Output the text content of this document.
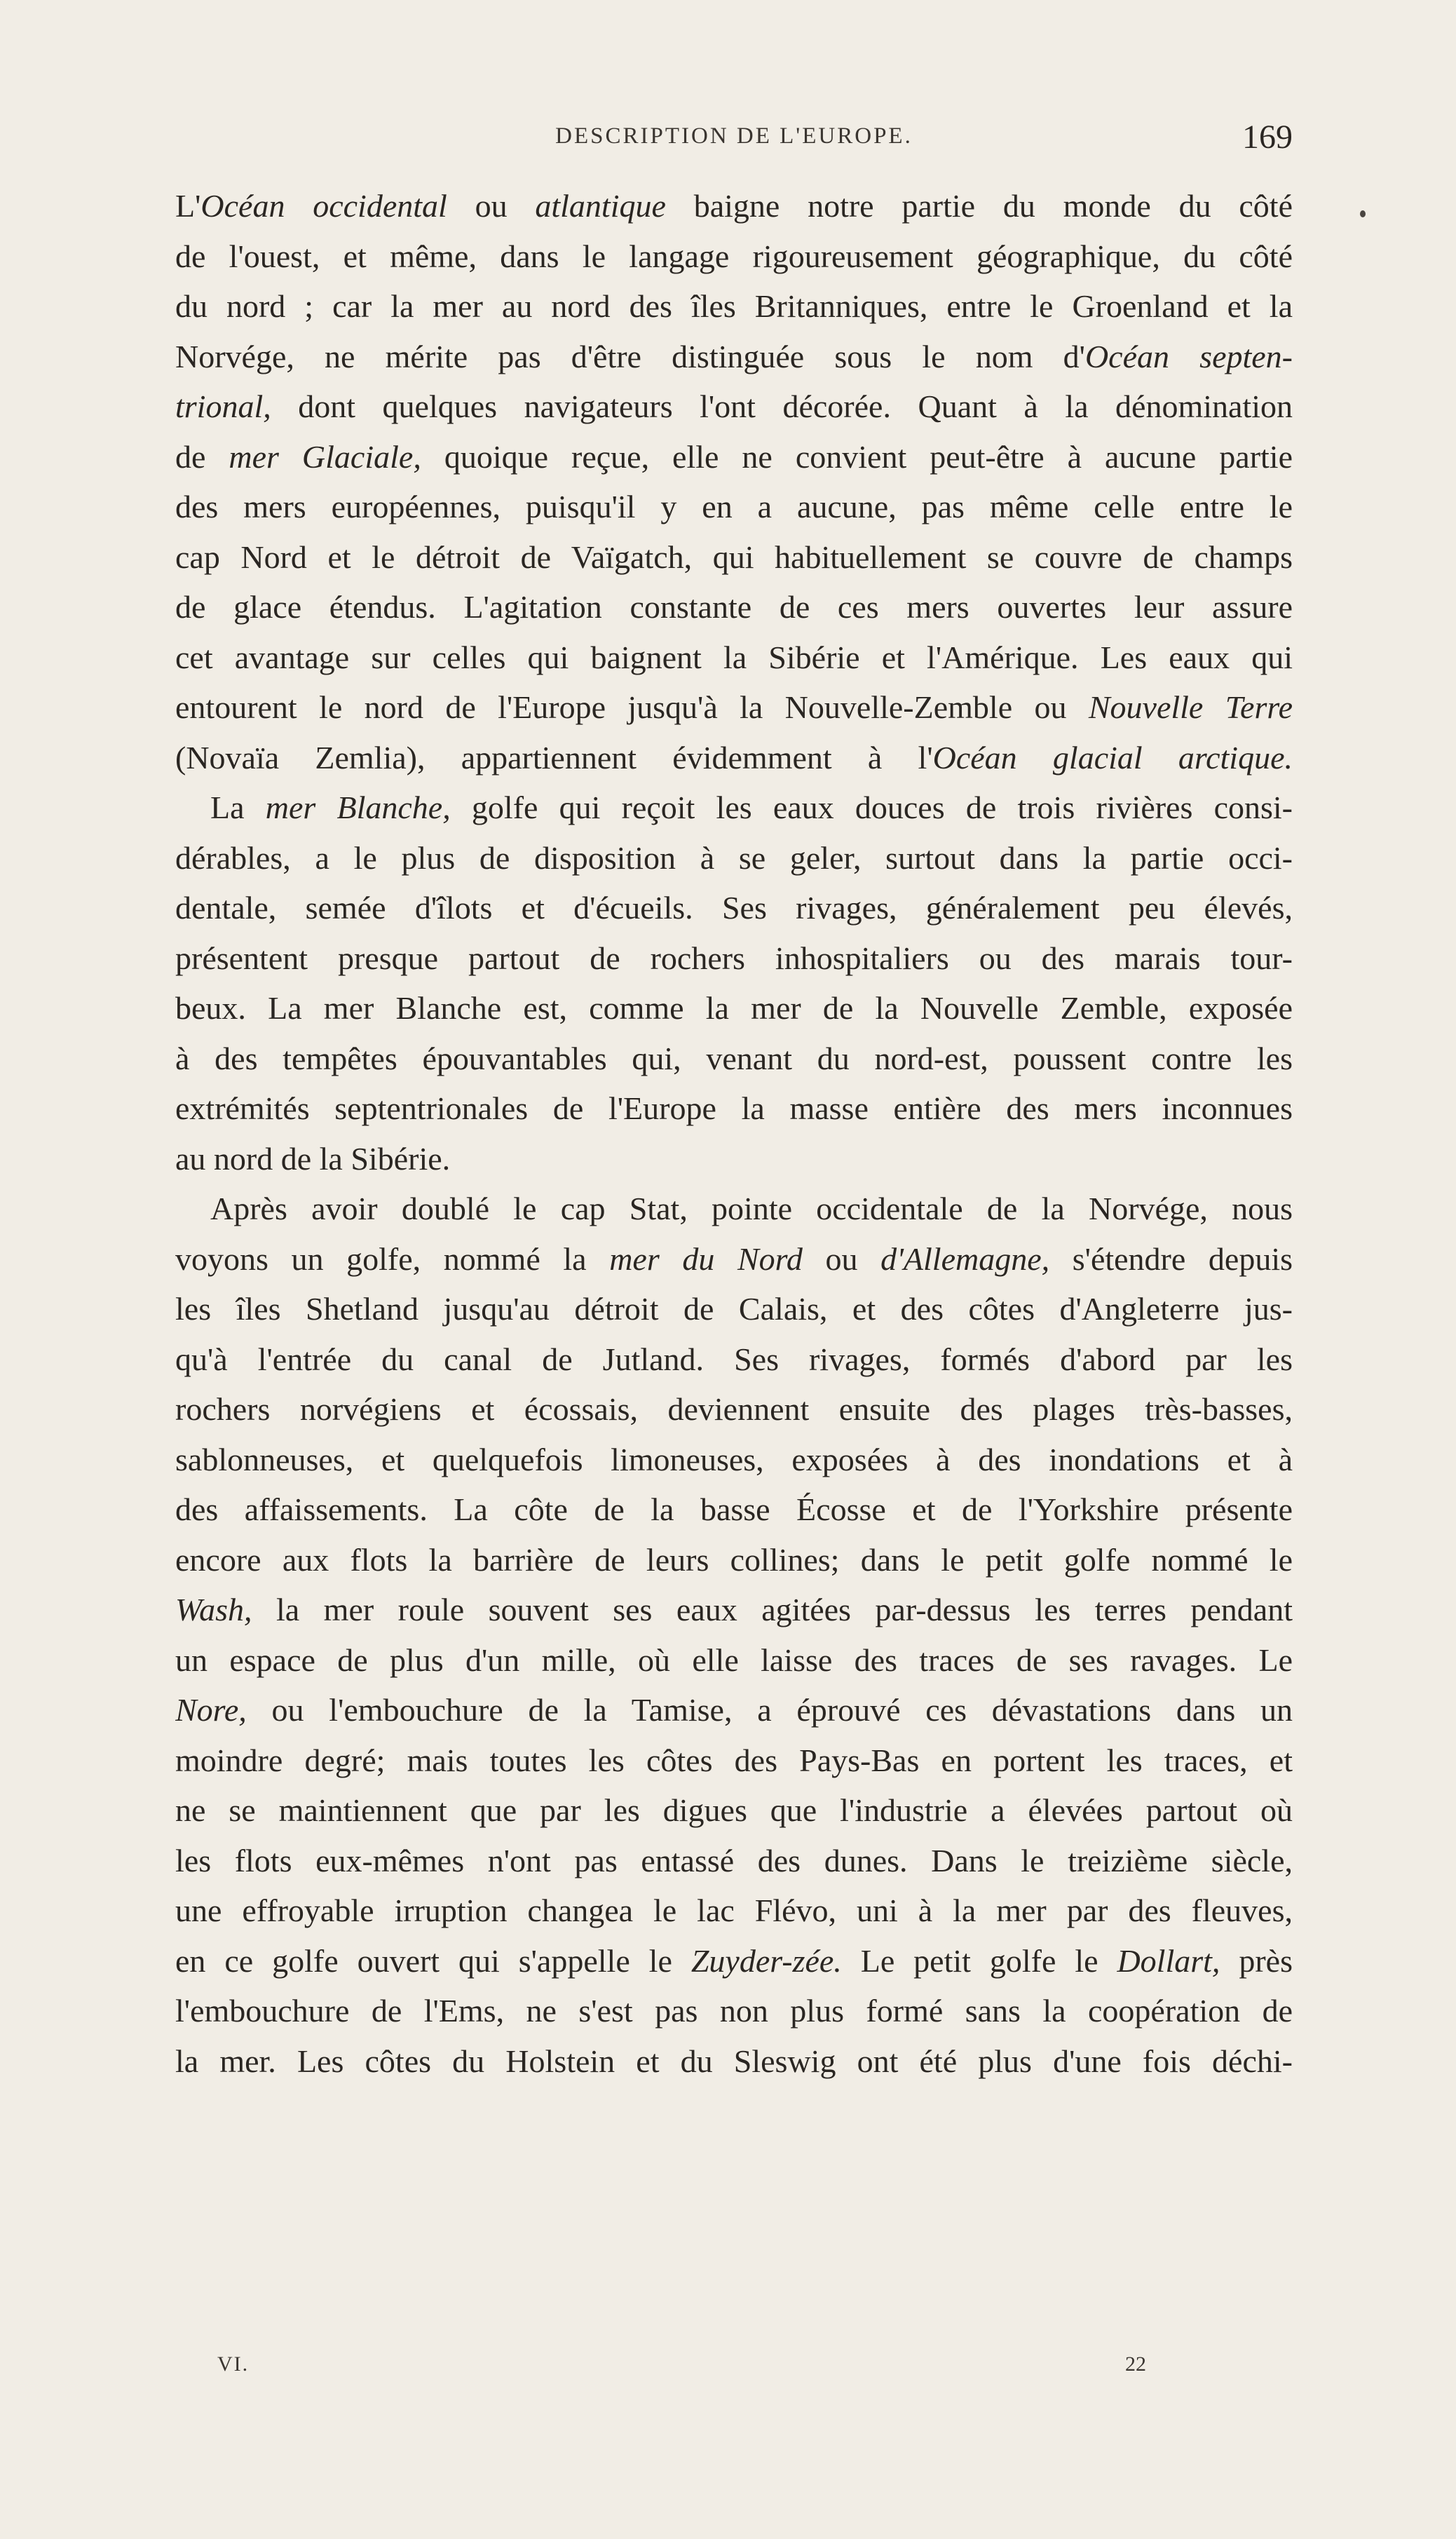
DESCRIPTION DE L'EUROPE.	169
L'Océan occidental ou atlantique baigne notre partie du monde du côté
de l'ouest, et même, dans le langage rigoureusement géographique, du côté
du nord ; car la mer au nord des îles Britanniques, entre le Groenland et la
Norvége, ne mérite pas d'être distinguée sous le nom d'Océan septen-
trional, dont quelques navigateurs l'ont décorée. Quant à la dénomination
de mer Glaciale, quoique reçue, elle ne convient peut-être à aucune partie
des mers européennes, puisqu'il y en a aucune, pas même celle entre le
cap Nord et le détroit de Vaïgatch, qui habituellement se couvre de champs
de glace étendus. L'agitation constante de ces mers ouvertes leur assure
cet avantage sur celles qui baignent la Sibérie et l'Amérique. Les eaux qui
entourent le nord de l'Europe jusqu'à la Nouvelle-Zemble ou Nouvelle Terre
(Novaïa Zemlia), appartiennent évidemment à l'Océan glacial arctique.
La mer Blanche, golfe qui reçoit les eaux douces de trois rivières consi-
dérables, a le plus de disposition à se geler, surtout dans la partie occi-
dentale, semée d'îlots et d'écueils. Ses rivages, généralement peu élevés,
présentent presque partout de rochers inhospitaliers ou des marais tour-
beux. La mer Blanche est, comme la mer de la Nouvelle Zemble, exposée
à des tempêtes épouvantables qui, venant du nord-est, poussent contre les
extrémités septentrionales de l'Europe la masse entière des mers inconnues
au nord de la Sibérie.
Après avoir doublé le cap Stat, pointe occidentale de la Norvége, nous
voyons un golfe, nommé la mer du Nord ou d'Allemagne, s'étendre depuis
les îles Shetland jusqu'au détroit de Calais, et des côtes d'Angleterre jus-
qu'à l'entrée du canal de Jutland. Ses rivages, formés d'abord par les
rochers norvégiens et écossais, deviennent ensuite des plages très-basses,
sablonneuses, et quelquefois limoneuses, exposées à des inondations et à
des affaissements. La côte de la basse Écosse et de l'Yorkshire présente
encore aux flots la barrière de leurs collines; dans le petit golfe nommé le
Wash, la mer roule souvent ses eaux agitées par-dessus les terres pendant
un espace de plus d'un mille, où elle laisse des traces de ses ravages. Le
Nore, ou l'embouchure de la Tamise, a éprouvé ces dévastations dans un
moindre degré; mais toutes les côtes des Pays-Bas en portent les traces, et
ne se maintiennent que par les digues que l'industrie a élevées partout où
les flots eux-mêmes n'ont pas entassé des dunes. Dans le treizième siècle,
une effroyable irruption changea le lac Flévo, uni à la mer par des fleuves,
en ce golfe ouvert qui s'appelle le Zuyder-zée. Le petit golfe le Dollart, près
l'embouchure de l'Ems, ne s'est pas non plus formé sans la coopération de
la mer. Les côtes du Holstein et du Sleswig ont été plus d'une fois déchi-
VI.	22
